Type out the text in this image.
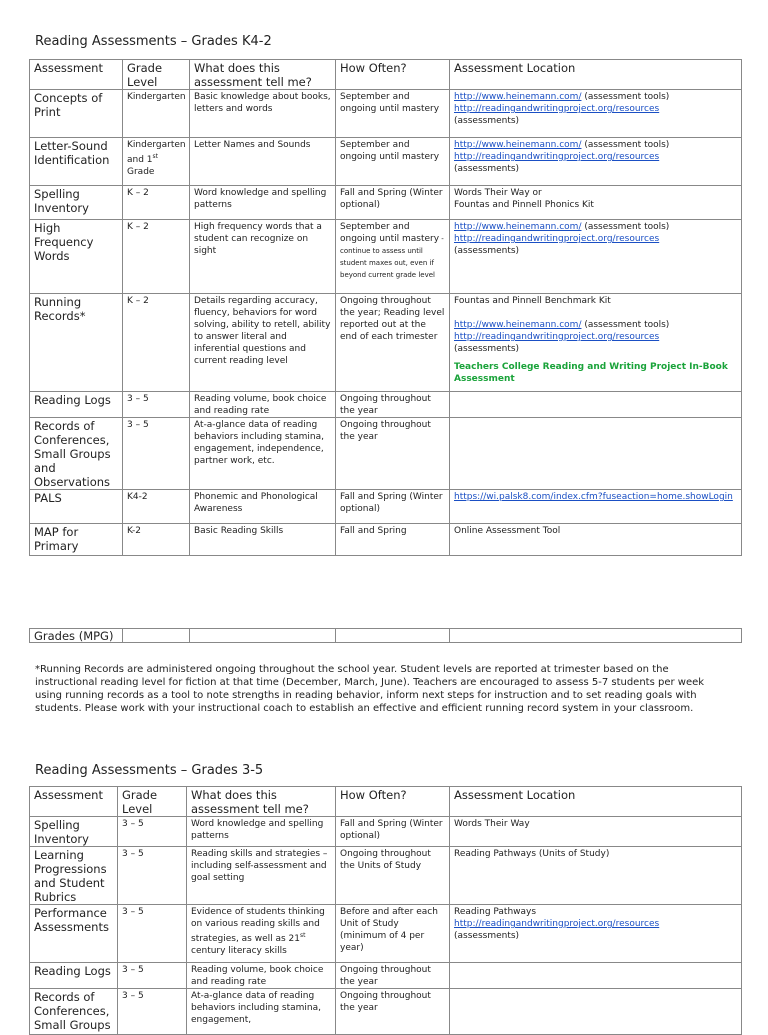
Reading Assessments – Grades K4-2
Assessment	Grade Level	What does this assessment tell me?	How Often?	Assessment Location
Concepts of Print	Kindergarten	Basic knowledge about books, letters and words	September and ongoing until mastery	http://www.heinemann.com/ (assessment tools)
http://readingandwritingproject.org/resources
(assessments)

Letter-Sound Identification	Kindergarten and 1st Grade	Letter Names and Sounds	September and ongoing until mastery	http://www.heinemann.com/ (assessment tools)
http://readingandwritingproject.org/resources
(assessments)

Spelling Inventory	K – 2	Word knowledge and spelling patterns	Fall and Spring (Winter optional)	Words Their Way or
Fountas and Pinnell Phonics Kit

High Frequency Words	K – 2	High frequency words that a student can recognize on sight	September and ongoing until mastery -continue to assess until student maxes out, even if beyond current grade level	http://www.heinemann.com/ (assessment tools)
http://readingandwritingproject.org/resources
(assessments)

Running Records*	K – 2	Details regarding accuracy, fluency, behaviors for word solving, ability to retell, ability to answer literal and inferential questions and current reading level	Ongoing throughout the year; Reading level reported out at the end of each trimester	Fountas and Pinnell Benchmark Kit
http://www.heinemann.com/ (assessment tools)
http://readingandwritingproject.org/resources
(assessments)
Teachers College Reading and Writing Project In-Book Assessment

Reading Logs	3 – 5	Reading volume, book choice and reading rate	Ongoing throughout the year	
Records of Conferences, Small Groups and Observations	3 – 5	At-a-glance data of reading behaviors including stamina, engagement, independence, partner work, etc.	Ongoing throughout the year	
PALS	K4-2	Phonemic and Phonological Awareness	Fall and Spring (Winter optional)	https://wi.palsk8.com/index.cfm?fuseaction=home.showLogin

MAP for Primary	K-2	Basic Reading Skills	Fall and Spring	Online Assessment Tool
Grades (MPG)				

*Running Records are administered ongoing throughout the school year. Student levels are reported at trimester based on the instructional reading level for fiction at that time (December, March, June). Teachers are encouraged to assess 5-7 students per week using running records as a tool to note strengths in reading behavior, inform next steps for instruction and to set reading goals with students. Please work with your instructional coach to establish an effective and efficient running record system in your classroom.

Reading Assessments – Grades 3-5
Assessment	Grade Level	What does this assessment tell me?	How Often?	Assessment Location
Spelling Inventory	3 – 5	Word knowledge and spelling patterns	Fall and Spring (Winter optional)	Words Their Way
Learning Progressions and Student Rubrics	3 – 5	Reading skills and strategies – including self-assessment and goal setting	Ongoing throughout the Units of Study	Reading Pathways (Units of Study)
Performance Assessments	3 – 5	Evidence of students thinking on various reading skills and strategies, as well as 21st century literacy skills	Before and after each Unit of Study (minimum of 4 per year)	Reading Pathways
http://readingandwritingproject.org/resources
(assessments)

Reading Logs	3 – 5	Reading volume, book choice and reading rate	Ongoing throughout the year	
Records of Conferences, Small Groups	3 – 5	At-a-glance data of reading behaviors including stamina, engagement,	Ongoing throughout the year	
